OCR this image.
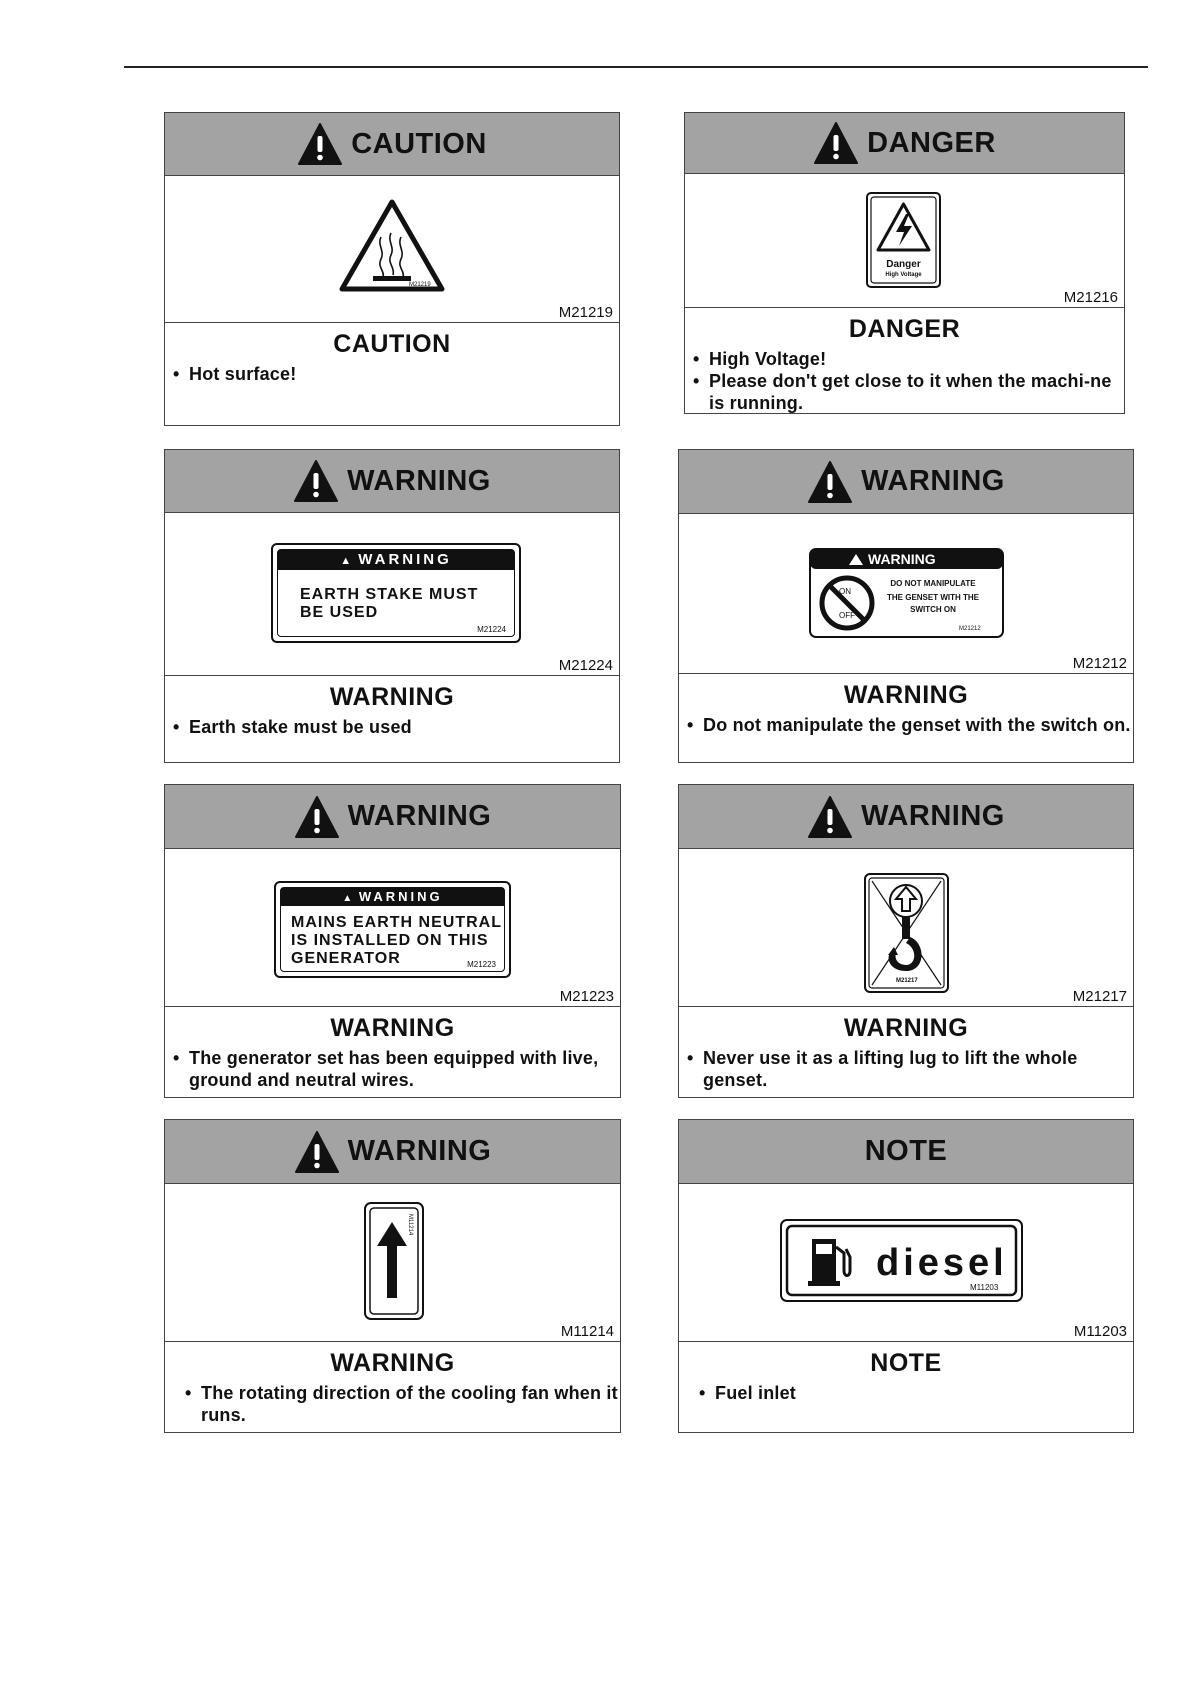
CAUTION
M21219
M21219
CAUTION
• Hot surface!
DANGER
Danger
High Voltage
M21216
DANGER
• High Voltage!
• Please don't get close to it when the machi-ne is running.
WARNING
▲ WARNING
EARTH STAKE MUST
BE USED
M21224
M21224
WARNING
• Earth stake must be used
WARNING
WARNING
ON
OFF
DO NOT MANIPULATE
THE GENSET WITH THE
SWITCH ON
M21212
M21212
WARNING
• Do not manipulate the genset with the switch on.
WARNING
▲ WARNING
MAINS EARTH NEUTRAL
IS INSTALLED ON THIS
GENERATOR	M21223
M21223
WARNING
• The generator set has been equipped with live, ground and neutral wires.
WARNING
M21217
M21217
WARNING
• Never use it as a lifting lug to lift the whole genset.
WARNING
M11214
M11214
WARNING
• The rotating direction of the cooling fan when it runs.
NOTE
diesel
M11203
M11203
NOTE
• Fuel inlet
